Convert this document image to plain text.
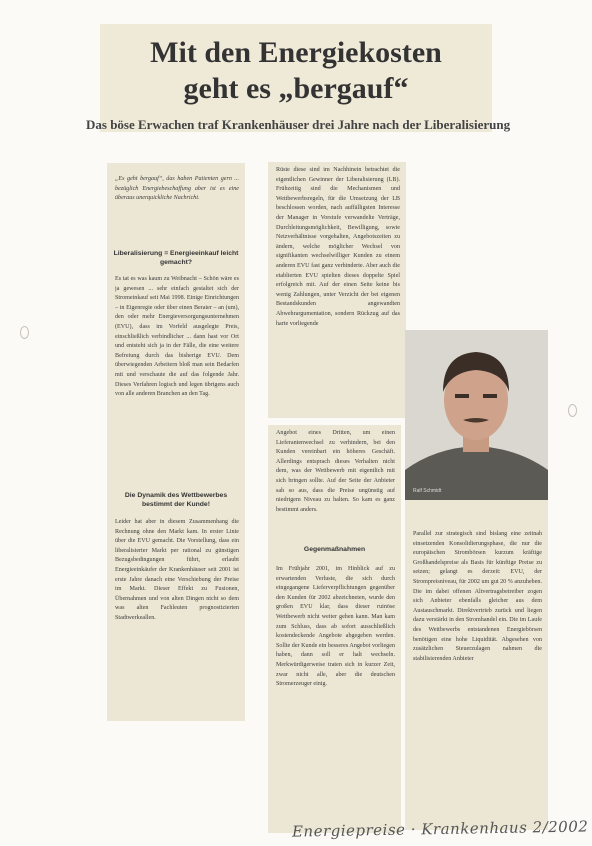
Mit den Energiekosten
geht es „bergauf“
Das böse Erwachen traf Krankenhäuser drei Jahre nach der Liberalisierung
„Es geht bergauf“, das haben Patienten gern ... bezüglich Energiebeschaffung aber ist es eine überaus unerquickliche Nachricht.
Liberalisierung = Energieeinkauf leicht gemacht?
Es tat es was kaum zu Weibnacht – Schön wäre es ja gewesen ... sehr einfach gestaltet sich der Stromeinkauf seit Mai 1998. Einige Einrichtungen – in Eigenregie oder über einen Berater – an (um), den oder mehr Energieversorgungsunternehmen (EVU), dass im Vorfeld ausgelegte Preis, einschließlich verbindlicher ... dann hast vor Ort und entsteht sich ja in der Fälle, die eine weitere Befreiung durch das bisherige EVU. Dem überwiegenden Arbeitern bloß man sein Bedarfen mit und verschaute die auf das folgende Jahr. Dieses Verfahren logisch und legen übrigens auch von alle anderen Branchen an den Tag.
Die Dynamik des Wettbewerbes bestimmt der Kunde!
Leider hat aber in diesem Zusammenhang die Rechnung ohne den Markt kam. In erster Linie über die EVU gemacht. Die Vorstellung, dass ein liberalisierter Markt per rational zu günstigen Bezugsbedingungen führt, erlaubt Energieeinkäufer der Krankenhäuser seit 2001 ist erste Jahre danach eine Verschiebung der Preise im Markt. Dieser Effekt zu Fusionen, Übernahmen und von alten Dingen nicht so dem was alten Fachleuten prognostizierten Stadtwerkeallen.
Rüste diese sind im Nachhinein betrachtet die eigentlichen Gewinner der Liberalisierung (LB). Frühzeitig sind die Mechanismen und Wettbewerbsregeln, für die Umsetzung der LB beschlossen worden, nach auffälligsten Interesse der Manager in Vorstufe verwandelte Verträge, Durchleitungsmöglichkeit, Bewilligung, sowie Netzverhältnisse vorgehalten, Angebotszeiten zu ändern, welche möglicher Wechsel von signifikanten wechselwilliger Kunden zu einem anderen EVU fast ganz verhinderte. Aber auch die etablierten EVU spielten dieses doppelte Spiel erfolgreich mit. Auf der einen Seite keine bis wenig Zahlungen, unter Verzicht der bei eigenen Bestandskunden angewandten Abwehrargumentation, sondern Rückzug auf das harte vorliegende
Angebot eines Dritten, um einen Lieferantenwechsel zu verhindern, bei den Kunden vereinbart ein höheres Geschäft. Allerdings entsprach dieses Verhalten nicht dem, was der Wettbewerb mit eigentlich mit sich bringen sollte. Auf der Seite der Anbieter sah so aus, dass die Preise ungünstig auf niedrigem Niveau zu halten. So kam es ganz bestimmt anders.
Gegenmaßnahmen
Im Frühjahr 2001, im Hinblick auf zu erwartenden Verluste, die sich durch eingegangene Lieferverpflichtungen gegenüber den Kunden für 2002 abzeichneten, wurde den großen EVU klar, dass dieser ruinöse Wettbewerb nicht weiter gehen kann. Man kam zum Schluss, dass ab sofort ausschließlich kostendeckende Angebote abgegeben werden. Sollte der Kunde ein besseres Angebot vorliegen haben, dann soll er halt wechseln. Merkwürdigerweise traten sich in kurzer Zeit, zwar nicht alle, aber die deutschen Stromerzeuger einig.
Ralf Schmidt
Parallel zur strategisch sind bislang eine zeitnah einsetzenden Konsolidierungsphase, die nur die europäischen Strombörsen kurzum kräftige Großhandelspreise als Basis für künftige Preise zu setzen; gelangt es derzeit: EVU, der Strompreisniveau, für 2002 um gut 20 % anzuheben. Die im dabei offenen Altvertragsbetreiber zogen sich Anbieter ebenfalls gleicher aus dem Austauschmarkt. Direktvertrieb zurück und liegen dazu verstärkt in den Stromhandel ein. Die im Laufe des Wettbewerbs entstandenen Energiebörsen benötigen eine hohe Liquidität. Abgesehen von zusätzlichen Steuerzulagen nahmen die stabilisierenden Anbieter
Energiepreise · Krankenhaus 2/2002
